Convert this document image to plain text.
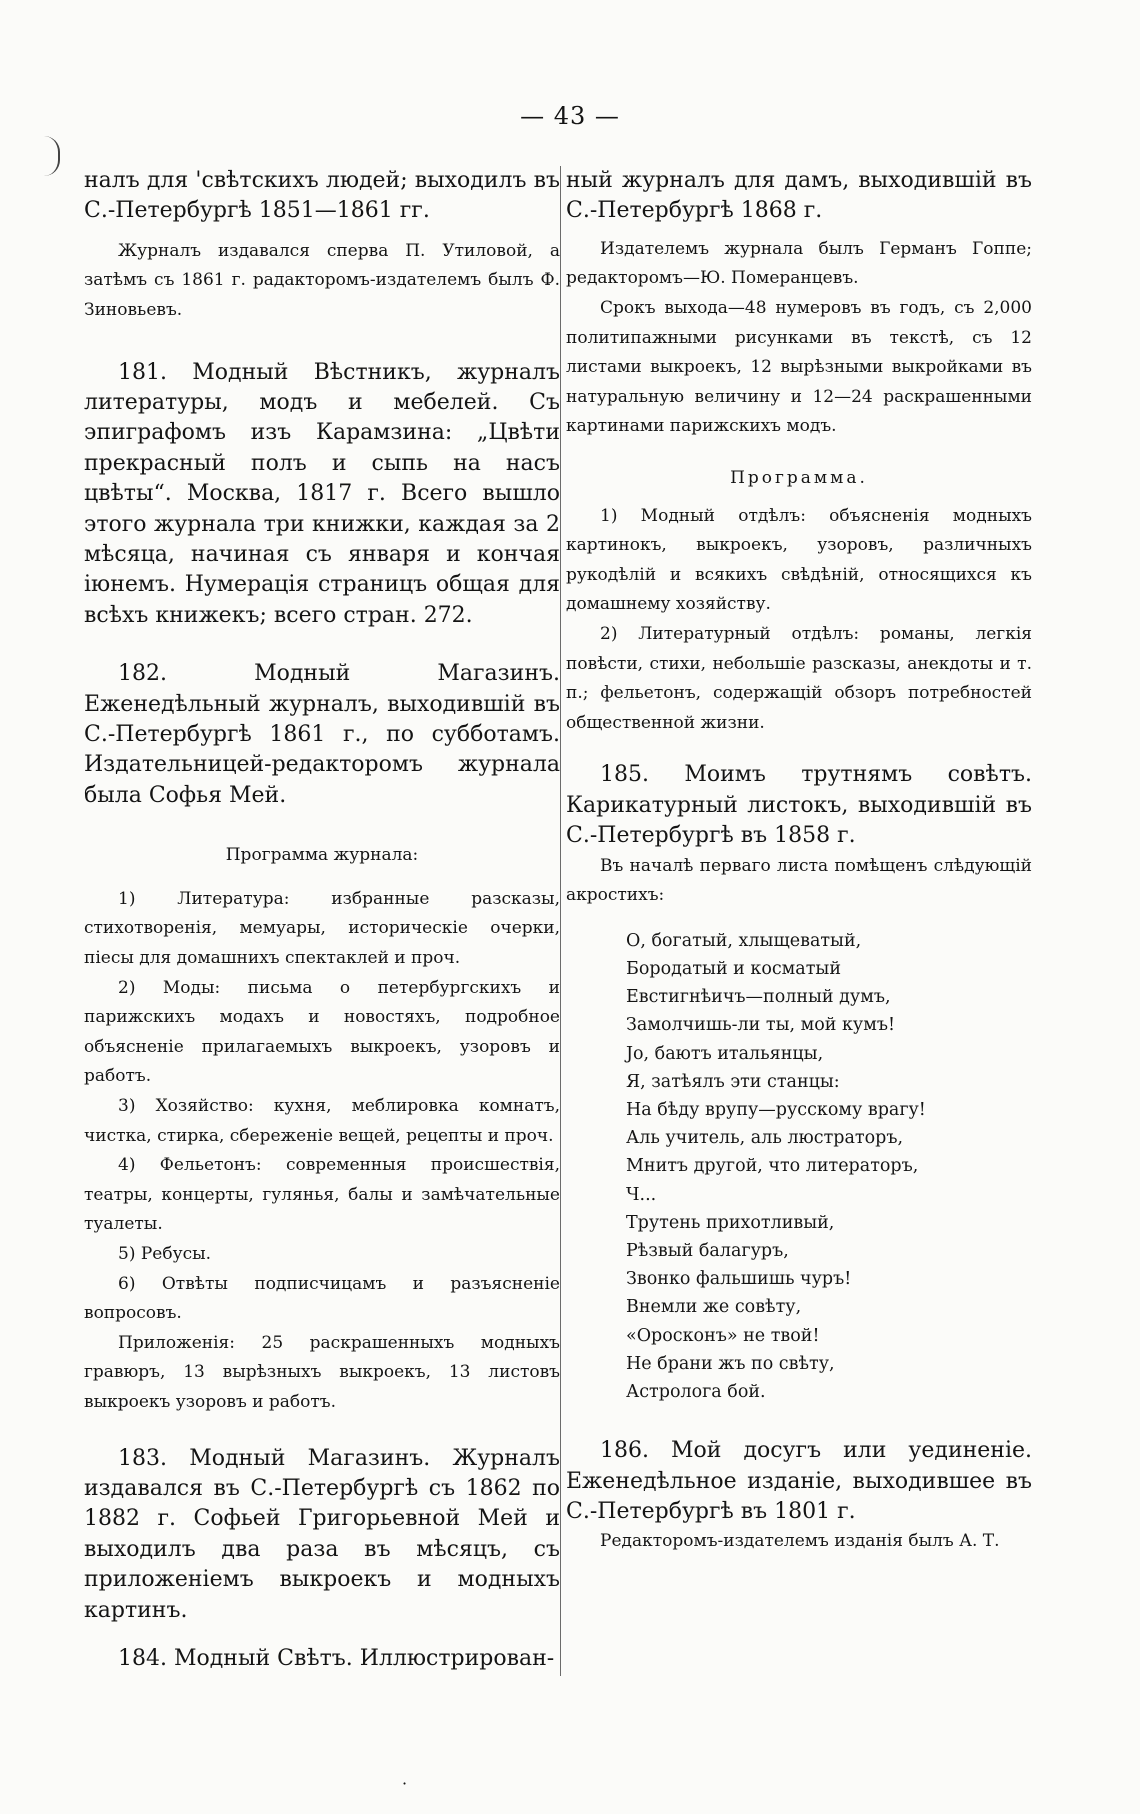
— 43 —

налъ для 'свѣтскихъ людей; выходилъ въ С.-Петербургѣ 1851—1861 гг.

Журналъ издавался сперва П. Утиловой, а затѣмъ съ 1861 г. радакторомъ-издателемъ былъ Ф. Зиновьевъ.

181. Модный Вѣстникъ, журналъ литературы, модъ и мебелей. Съ эпиграфомъ изъ Карамзина: „Цвѣти прекрасный полъ и сыпь на насъ цвѣты“. Москва, 1817 г. Всего вышло этого журнала три книжки, каждая за 2 мѣсяца, начиная съ января и кончая iюнемъ. Нумерацiя страницъ общая для всѣхъ книжекъ; всего стран. 272.

182. Модный Магазинъ. Еженедѣльный журналъ, выходившiй въ С.-Петербургѣ 1861 г., по субботамъ. Издательницей-редакторомъ журнала была Софья Мей.

Программа журнала:

1) Литература: избранные разсказы, стихотворенiя, мемуары, историческiе очерки, пiесы для домашнихъ спектаклей и проч.

2) Моды: письма о петербургскихъ и парижскихъ модахъ и новостяхъ, подробное объясненiе прилагаемыхъ выкроекъ, узоровъ и работъ.

3) Хозяйство: кухня, меблировка комнатъ, чистка, стирка, сбереженiе вещей, рецепты и проч.

4) Фельетонъ: современныя происшествiя, театры, концерты, гулянья, балы и замѣчательные туалеты.

5) Ребусы.

6) Отвѣты подписчицамъ и разъясненiе вопросовъ.

Приложенiя: 25 раскрашенныхъ модныхъ гравюръ, 13 вырѣзныхъ выкроекъ, 13 листовъ выкроекъ узоровъ и работъ.

183. Модный Магазинъ. Журналъ издавался въ С.-Петербургѣ съ 1862 по 1882 г. Софьей Григорьевной Мей и выходилъ два раза въ мѣсяцъ, съ приложенiемъ выкроекъ и модныхъ картинъ.

184. Модный Свѣтъ. Иллюстрирован-

ный журналъ для дамъ, выходившiй въ С.-Петербургѣ 1868 г.

Издателемъ журнала былъ Германъ Гоппе; редакторомъ—Ю. Померанцевъ.

Срокъ выхода—48 нумеровъ въ годъ, съ 2,000 политипажными рисунками въ текстѣ, съ 12 листами выкроекъ, 12 вырѣзными выкройками въ натуральную величину и 12—24 раскрашенными картинами парижскихъ модъ.

Программа.

1) Модный отдѣлъ: объясненiя модныхъ картинокъ, выкроекъ, узоровъ, различныхъ рукодѣлiй и всякихъ свѣдѣнiй, относящихся къ домашнему хозяйству.

2) Литературный отдѣлъ: романы, легкiя повѣсти, стихи, небольшiе разсказы, анекдоты и т. п.; фельетонъ, содержащiй обзоръ потребностей общественной жизни.

185. Моимъ трутнямъ совѣтъ. Карикатурный листокъ, выходившiй въ С.-Петербургѣ въ 1858 г.

Въ началѣ перваго листа помѣщенъ слѣдующiй акростихъ:

О, богатый, хлыщеватый,
Бородатый и косматый
Евстигнѣичъ—полный думъ,
Замолчишь-ли ты, мой кумъ!
Jо, баютъ итальянцы,
Я, затѣялъ эти станцы:
На бѣду врупу—русскому врагу!
Аль учитель, аль люстраторъ,
Мнитъ другой, что литераторъ,
Ч...
Трутень прихотливый,
Рѣзвый балагуръ,
Звонко фальшишь чуръ!
Внемли же совѣту,
«Оросконъ» не твой!
Не брани жъ по свѣту,
Астролога бой.

186. Мой досугъ или уединенiе. Еженедѣльное изданiе, выходившее въ С.-Петербургѣ въ 1801 г.

Редакторомъ-издателемъ изданiя былъ А. Т.

·
